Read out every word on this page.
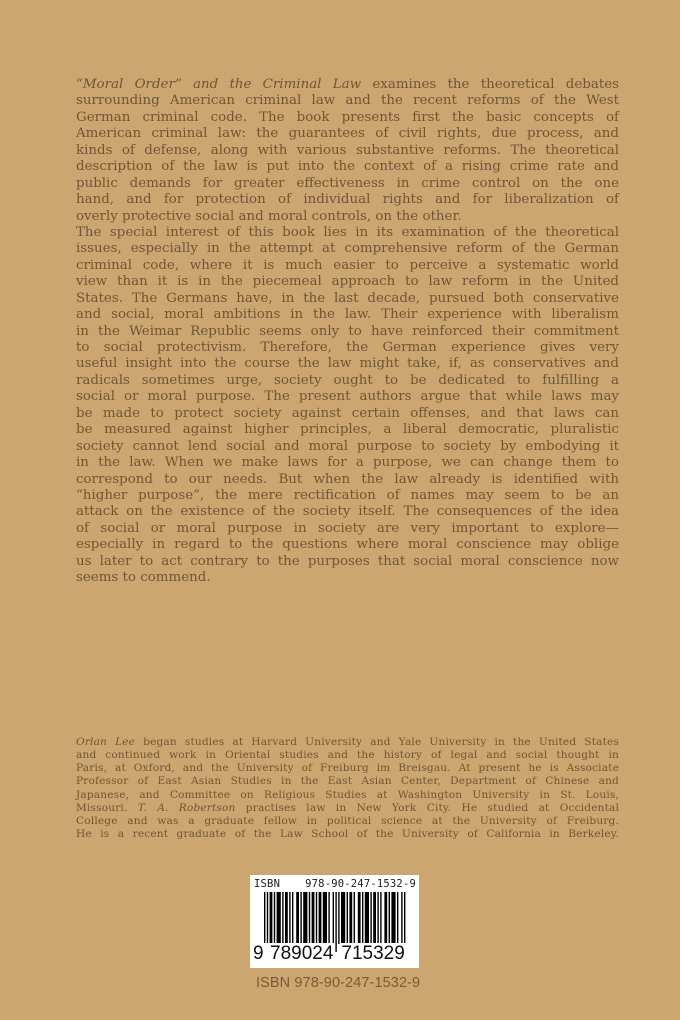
“Moral Order” and the Criminal Law examines the theoretical debates
surrounding American criminal law and the recent reforms of the West
German criminal code. The book presents first the basic concepts of
American criminal law: the guarantees of civil rights, due process, and
kinds of defense, along with various substantive reforms. The theoretical
description of the law is put into the context of a rising crime rate and
public demands for greater effectiveness in crime control on the one
hand, and for protection of individual rights and for liberalization of
overly protective social and moral controls, on the other.
The special interest of this book lies in its examination of the theoretical
issues, especially in the attempt at comprehensive reform of the German
criminal code, where it is much easier to perceive a systematic world
view than it is in the piecemeal approach to law reform in the United
States. The Germans have, in the last decade, pursued both conservative
and social, moral ambitions in the law. Their experience with liberalism
in the Weimar Republic seems only to have reinforced their commitment
to social protectivism. Therefore, the German experience gives very
useful insight into the course the law might take, if, as conservatives and
radicals sometimes urge, society ought to be dedicated to fulfilling a
social or moral purpose. The present authors argue that while laws may
be made to protect society against certain offenses, and that laws can
be measured against higher principles, a liberal democratic, pluralistic
society cannot lend social and moral purpose to society by embodying it
in the law. When we make laws for a purpose, we can change them to
correspond to our needs. But when the law already is identified with
“higher purpose”, the mere rectification of names may seem to be an
attack on the existence of the society itself. The consequences of the idea
of social or moral purpose in society are very important to explore—
especially in regard to the questions where moral conscience may oblige
us later to act contrary to the purposes that social moral conscience now
seems to commend.
Orlan Lee began studies at Harvard University and Yale University in the United States
and continued work in Oriental studies and the history of legal and social thought in
Paris, at Oxford, and the University of Freiburg im Breisgau. At present he is Associate
Professor of East Asian Studies in the East Asian Center, Department of Chinese and
Japanese, and Committee on Religious Studies at Washington University in St. Louis,
Missouri. T. A. Robertson practises law in New York City. He studied at Occidental
College and was a graduate fellow in political science at the University of Freiburg.
He is a recent graduate of the Law School of the University of California in Berkeley.
ISBN 978-90-247-1532-9
9 789024 715329
ISBN 978-90-247-1532-9
